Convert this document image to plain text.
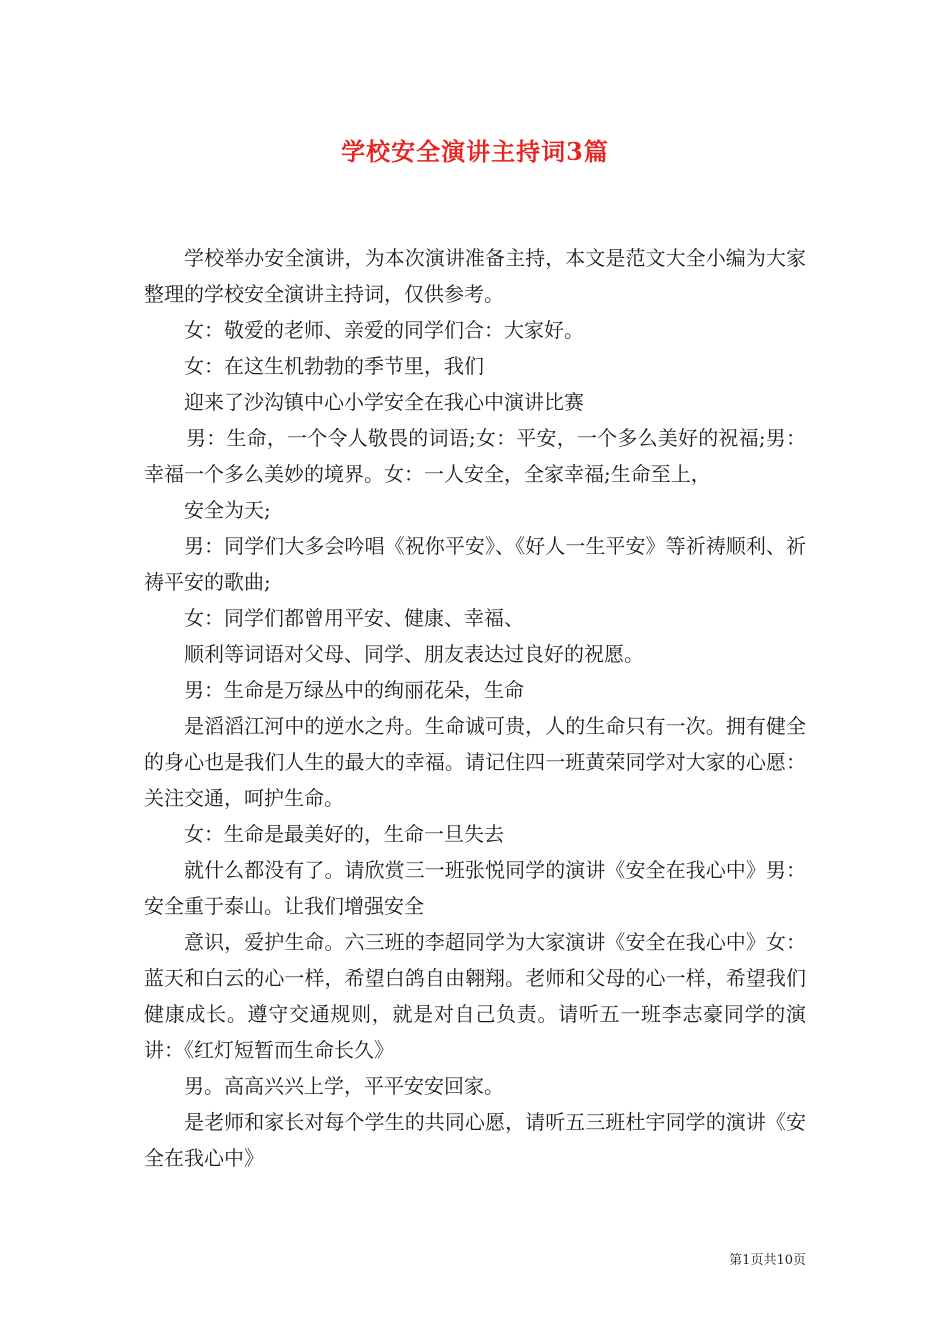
学校安全演讲主持词3篇

学校举办安全演讲，为本次演讲准备主持，本文是范文大全小编为大家整理的学校安全演讲主持词，仅供参考。

女：敬爱的老师、亲爱的同学们合：大家好。

女：在这生机勃勃的季节里，我们

迎来了沙沟镇中心小学安全在我心中演讲比赛

男：生命，一个令人敬畏的词语;女：平安，一个多么美好的祝福;男：幸福一个多么美妙的境界。女：一人安全，全家幸福;生命至上，

安全为天;

男：同学们大多会吟唱《祝你平安》、《好人一生平安》等祈祷顺利、祈祷平安的歌曲;

女：同学们都曾用平安、健康、幸福、

顺利等词语对父母、同学、朋友表达过良好的祝愿。

男：生命是万绿丛中的绚丽花朵，生命

是滔滔江河中的逆水之舟。生命诚可贵，人的生命只有一次。拥有健全的身心也是我们人生的最大的幸福。请记住四一班黄荣同学对大家的心愿：关注交通，呵护生命。

女：生命是最美好的，生命一旦失去

就什么都没有了。请欣赏三一班张悦同学的演讲《安全在我心中》男：安全重于泰山。让我们增强安全

意识，爱护生命。六三班的李超同学为大家演讲《安全在我心中》女：蓝天和白云的心一样，希望白鸽自由翱翔。老师和父母的心一样，希望我们健康成长。遵守交通规则，就是对自己负责。请听五一班李志豪同学的演讲：《红灯短暂而生命长久》

男。高高兴兴上学，平平安安回家。

是老师和家长对每个学生的共同心愿，请听五三班杜宇同学的演讲《安全在我心中》

第1页共10页
